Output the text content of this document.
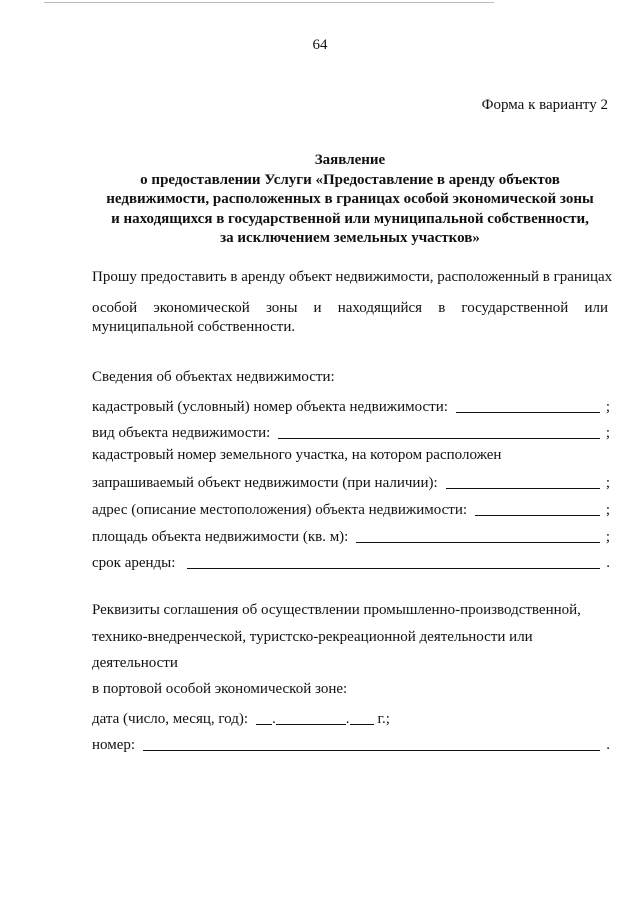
64
Форма к варианту 2
Заявление
о предоставлении Услуги «Предоставление в аренду объектов
недвижимости, расположенных в границах особой экономической зоны
и находящихся в государственной или муниципальной собственности,
за исключением земельных участков»
Прошу предоставить в аренду объект недвижимости, расположенный в границах
особой экономической зоны и находящийся в государственной или
муниципальной собственности.
Сведения об объектах недвижимости:
кадастровый (условный) номер объекта недвижимости:	;
вид объекта недвижимости:	;
кадастровый номер земельного участка, на котором расположен
запрашиваемый объект недвижимости (при наличии):	;
адрес (описание местоположения) объекта недвижимости:	;
площадь объекта недвижимости (кв. м):	;
срок аренды:	.
Реквизиты соглашения об осуществлении промышленно-производственной,
технико-внедренческой, туристско-рекреационной деятельности или
деятельности
в портовой особой экономической зоне:
дата (число, месяц, год): .	. г.;
номер:	.
